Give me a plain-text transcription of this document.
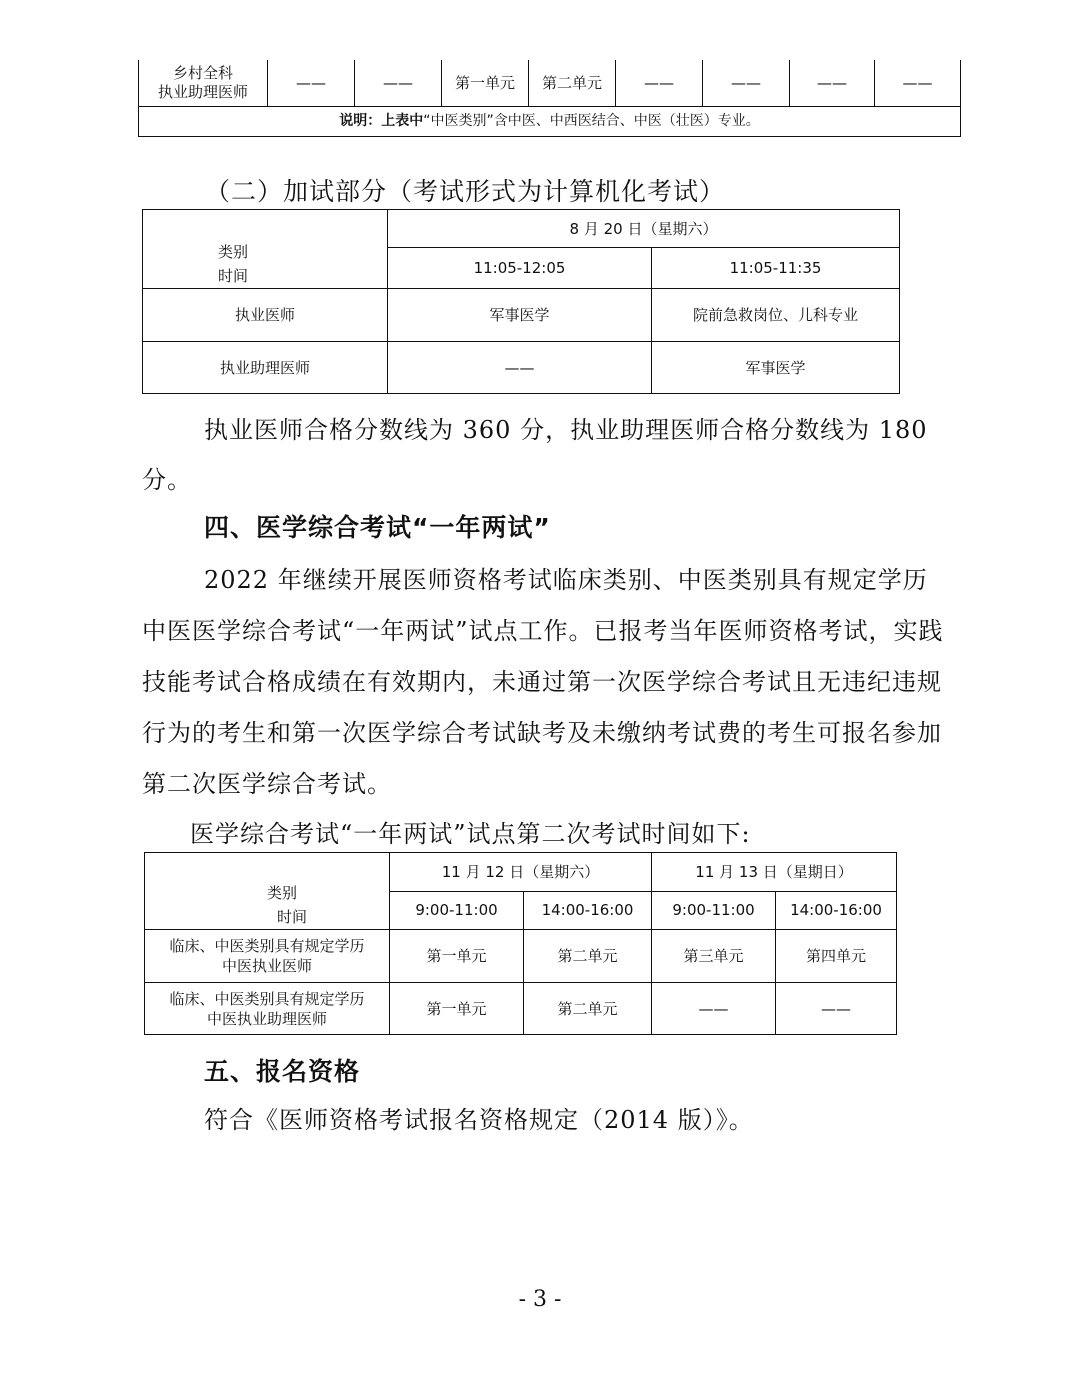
乡村全科
执业助理医师	——	——	第一单元	第二单元	——	——	——	——
说明：上表中“中医类别”含中医、中西医结合、中医（壮医）专业。
（二）加试部分（考试形式为计算机化考试）
类别
时间	8 月 20 日（星期六）	
	11:05-12:05	11:05-11:35
执业医师	军事医学	院前急救岗位、儿科专业
执业助理医师	——	军事医学
执业医师合格分数线为 360 分，执业助理医师合格分数线为 180 分。
四、医学综合考试“一年两试”
2022 年继续开展医师资格考试临床类别、中医类别具有规定学历中医医学综合考试“一年两试”试点工作。已报考当年医师资格考试，实践技能考试合格成绩在有效期内，未通过第一次医学综合考试且无违纪违规行为的考生和第一次医学综合考试缺考及未缴纳考试费的考生可报名参加第二次医学综合考试。
医学综合考试“一年两试”试点第二次考试时间如下:
类别
时间	11 月 12 日（星期六）		11 月 13 日（星期日）	
	9:00-11:00	14:00-16:00	9:00-11:00	14:00-16:00

临床、中医类别具有规定学历
中医执业医师	第一单元	第二单元	第三单元	第四单元

临床、中医类别具有规定学历
中医执业助理医师	第一单元	第二单元	——	——
五、报名资格
符合《医师资格考试报名资格规定（2014 版）》。
- 3 -
